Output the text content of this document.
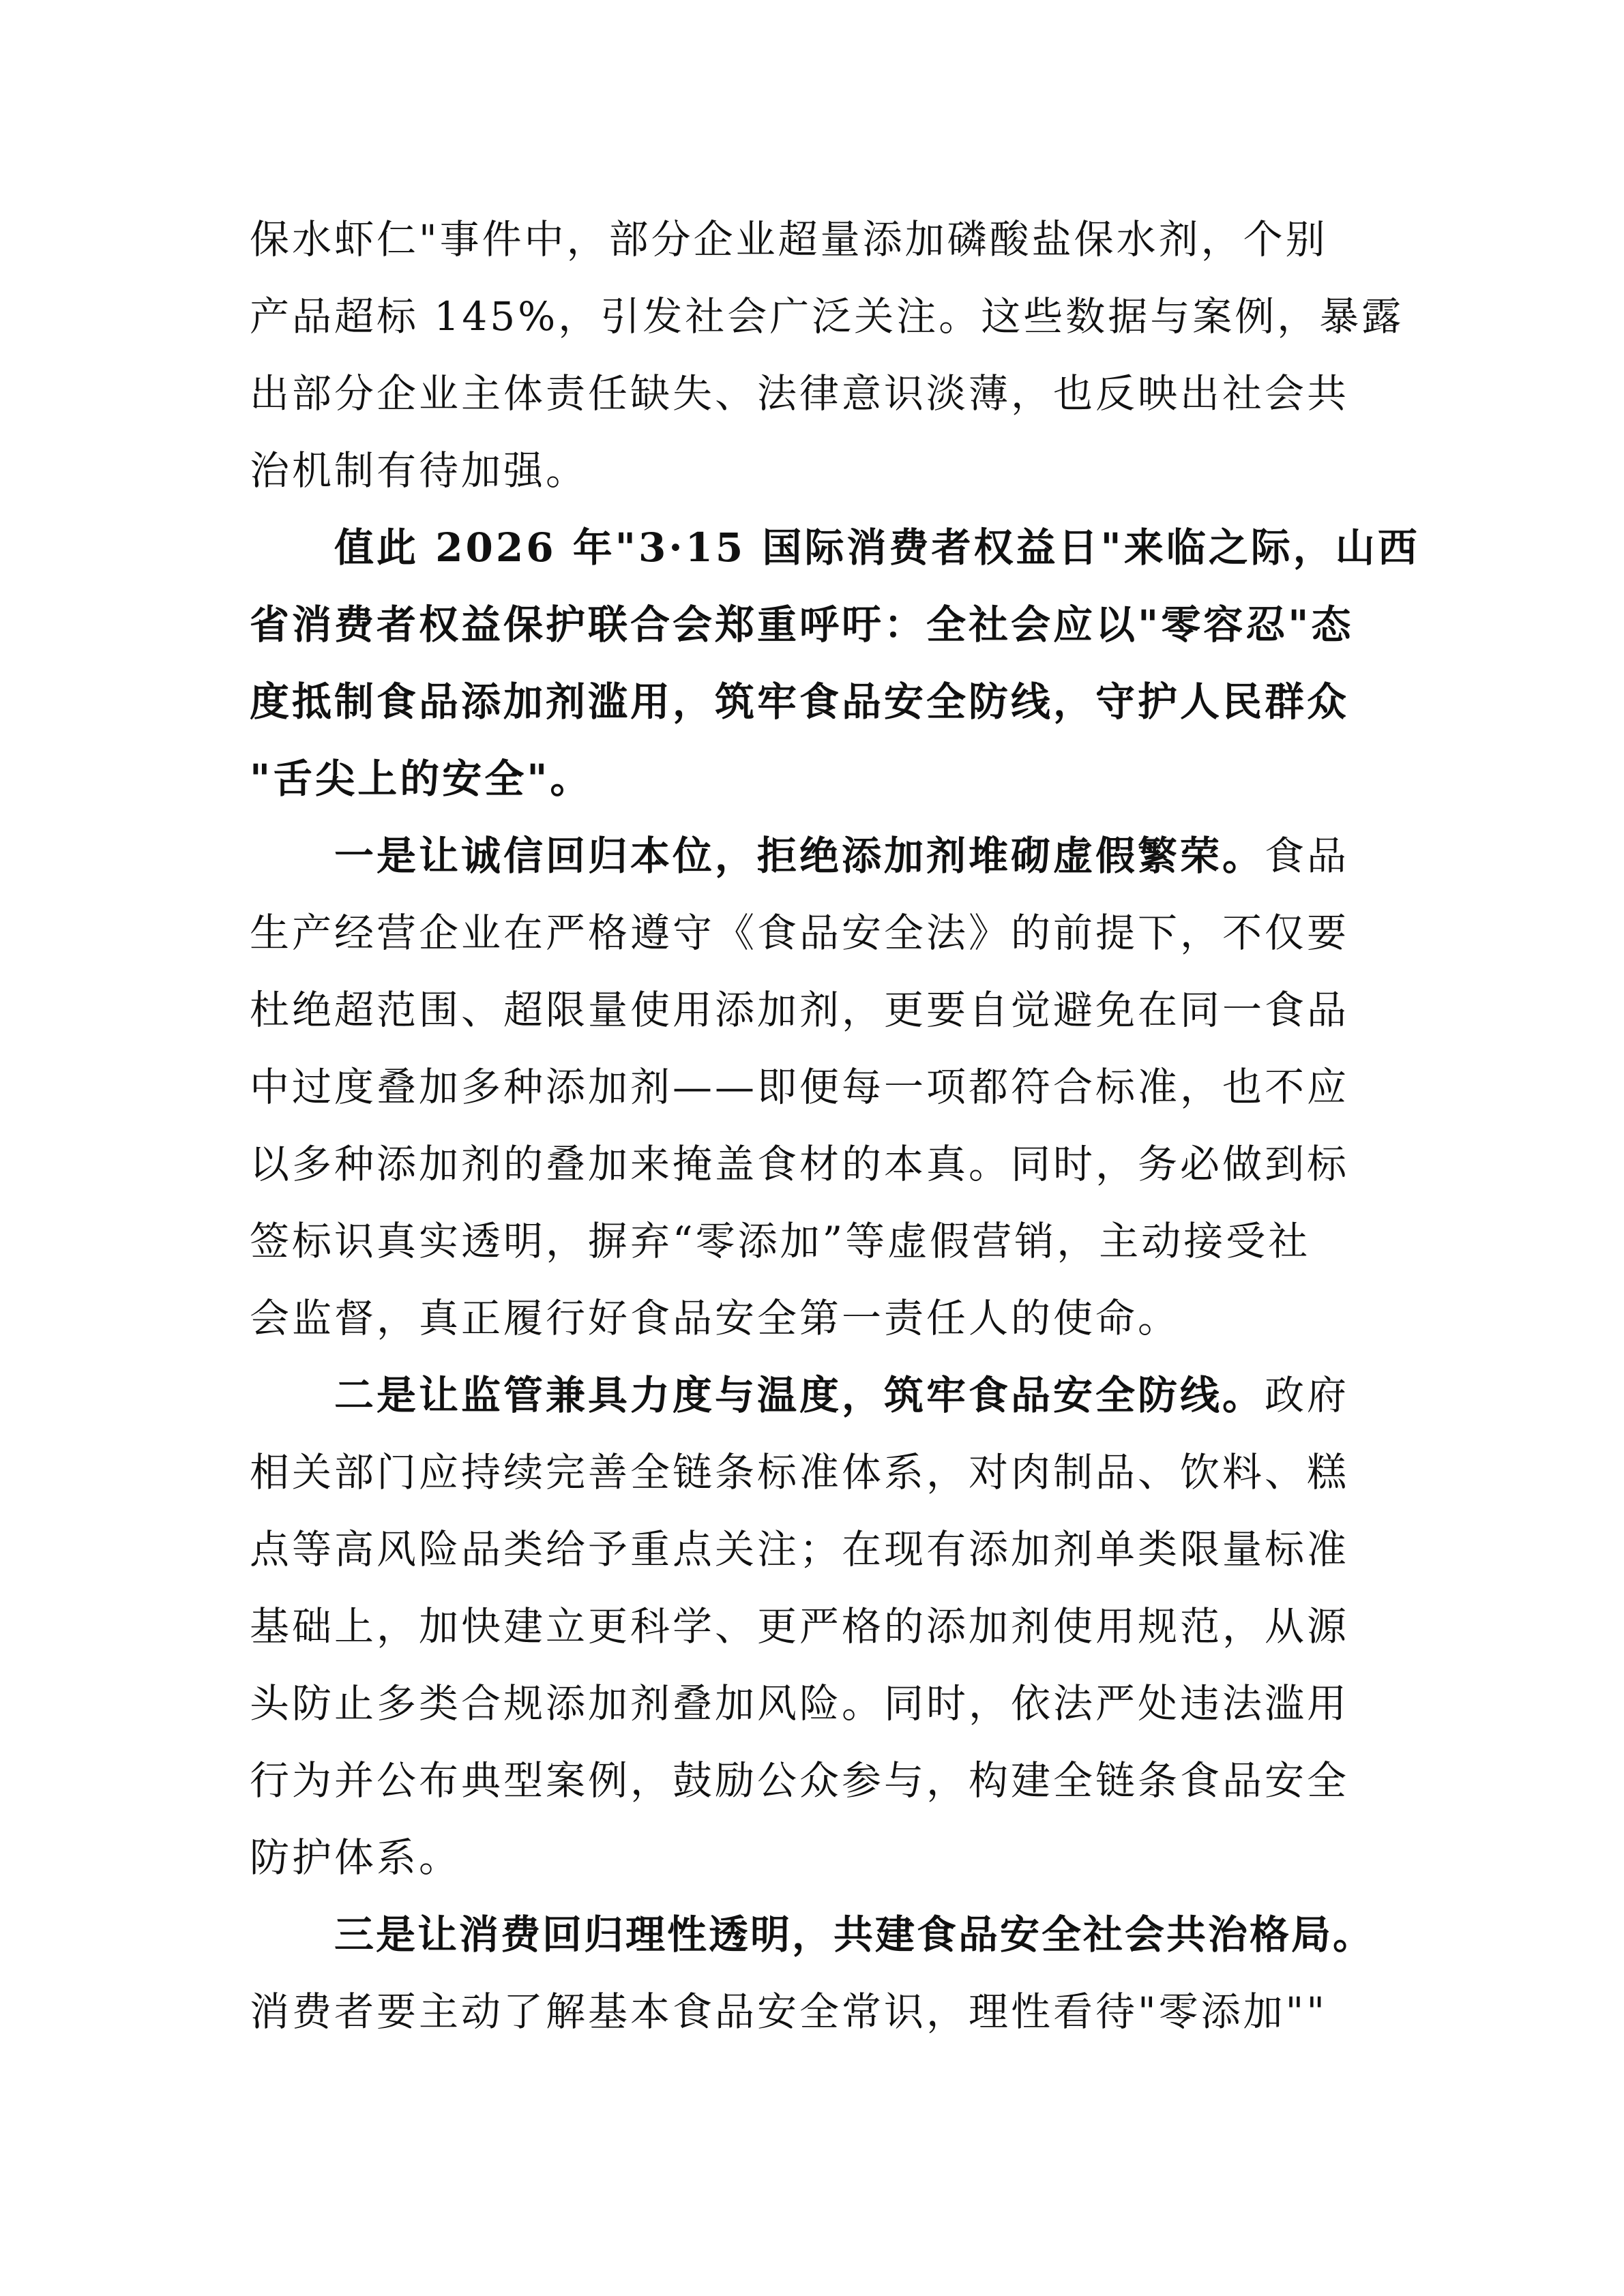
保水虾仁"事件中，部分企业超量添加磷酸盐保水剂，个别
产品超标 145%，引发社会广泛关注。这些数据与案例，暴露
出部分企业主体责任缺失、法律意识淡薄，也反映出社会共
治机制有待加强。
值此 2026 年"3·15 国际消费者权益日"来临之际，山西
省消费者权益保护联合会郑重呼吁：全社会应以"零容忍"态
度抵制食品添加剂滥用，筑牢食品安全防线，守护人民群众
"舌尖上的安全"。
一是让诚信回归本位，拒绝添加剂堆砌虚假繁荣。食品
生产经营企业在严格遵守《食品安全法》的前提下，不仅要
杜绝超范围、超限量使用添加剂，更要自觉避免在同一食品
中过度叠加多种添加剂——即便每一项都符合标准，也不应
以多种添加剂的叠加来掩盖食材的本真。同时，务必做到标
签标识真实透明，摒弃“零添加”等虚假营销，主动接受社
会监督，真正履行好食品安全第一责任人的使命。
二是让监管兼具力度与温度，筑牢食品安全防线。政府
相关部门应持续完善全链条标准体系，对肉制品、饮料、糕
点等高风险品类给予重点关注；在现有添加剂单类限量标准
基础上，加快建立更科学、更严格的添加剂使用规范，从源
头防止多类合规添加剂叠加风险。同时，依法严处违法滥用
行为并公布典型案例，鼓励公众参与，构建全链条食品安全
防护体系。
三是让消费回归理性透明，共建食品安全社会共治格局。
消费者要主动了解基本食品安全常识，理性看待"零添加""
